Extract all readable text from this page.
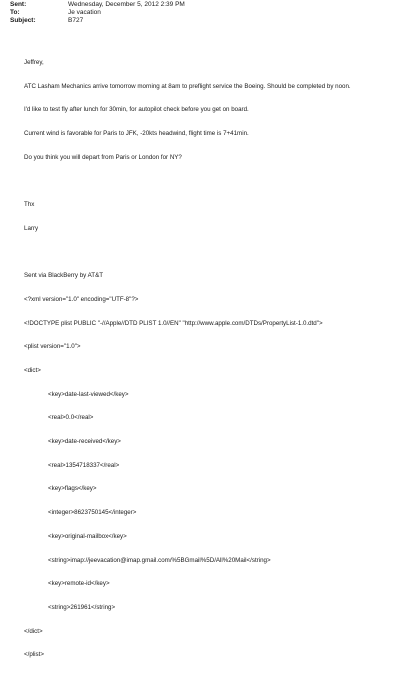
Sent:	Wednesday, December 5, 2012 2:39 PM
To:	Je vacation
Subject:	B727

Jeffrey,

ATC Lasham Mechanics arrive tomorrow morning at 8am to preflight service the Boeing. Should be completed by noon.

I'd like to test fly after lunch for 30min, for autopilot check before you get on board.

Current wind is favorable for Paris to JFK, -20kts headwind, flight time is 7+41min.

Do you think you will depart from Paris or London for NY?

Thx

Larry

Sent via BlackBerry by AT&T

<?xml version="1.0" encoding="UTF-8"?>

<!DOCTYPE plist PUBLIC "-//Apple//DTD PLIST 1.0//EN" "http://www.apple.com/DTDs/PropertyList-1.0.dtd">

<plist version="1.0">

<dict>

<key>date-last-viewed</key>

<real>0.0</real>

<key>date-received</key>

<real>1354718337</real>

<key>flags</key>

<integer>8623750145</integer>

<key>original-mailbox</key>

<string>imap://jeevacation@imap.gmail.com/%5BGmail%5D/All%20Mail</string>

<key>remote-id</key>

<string>261961</string>

</dict>

</plist>
